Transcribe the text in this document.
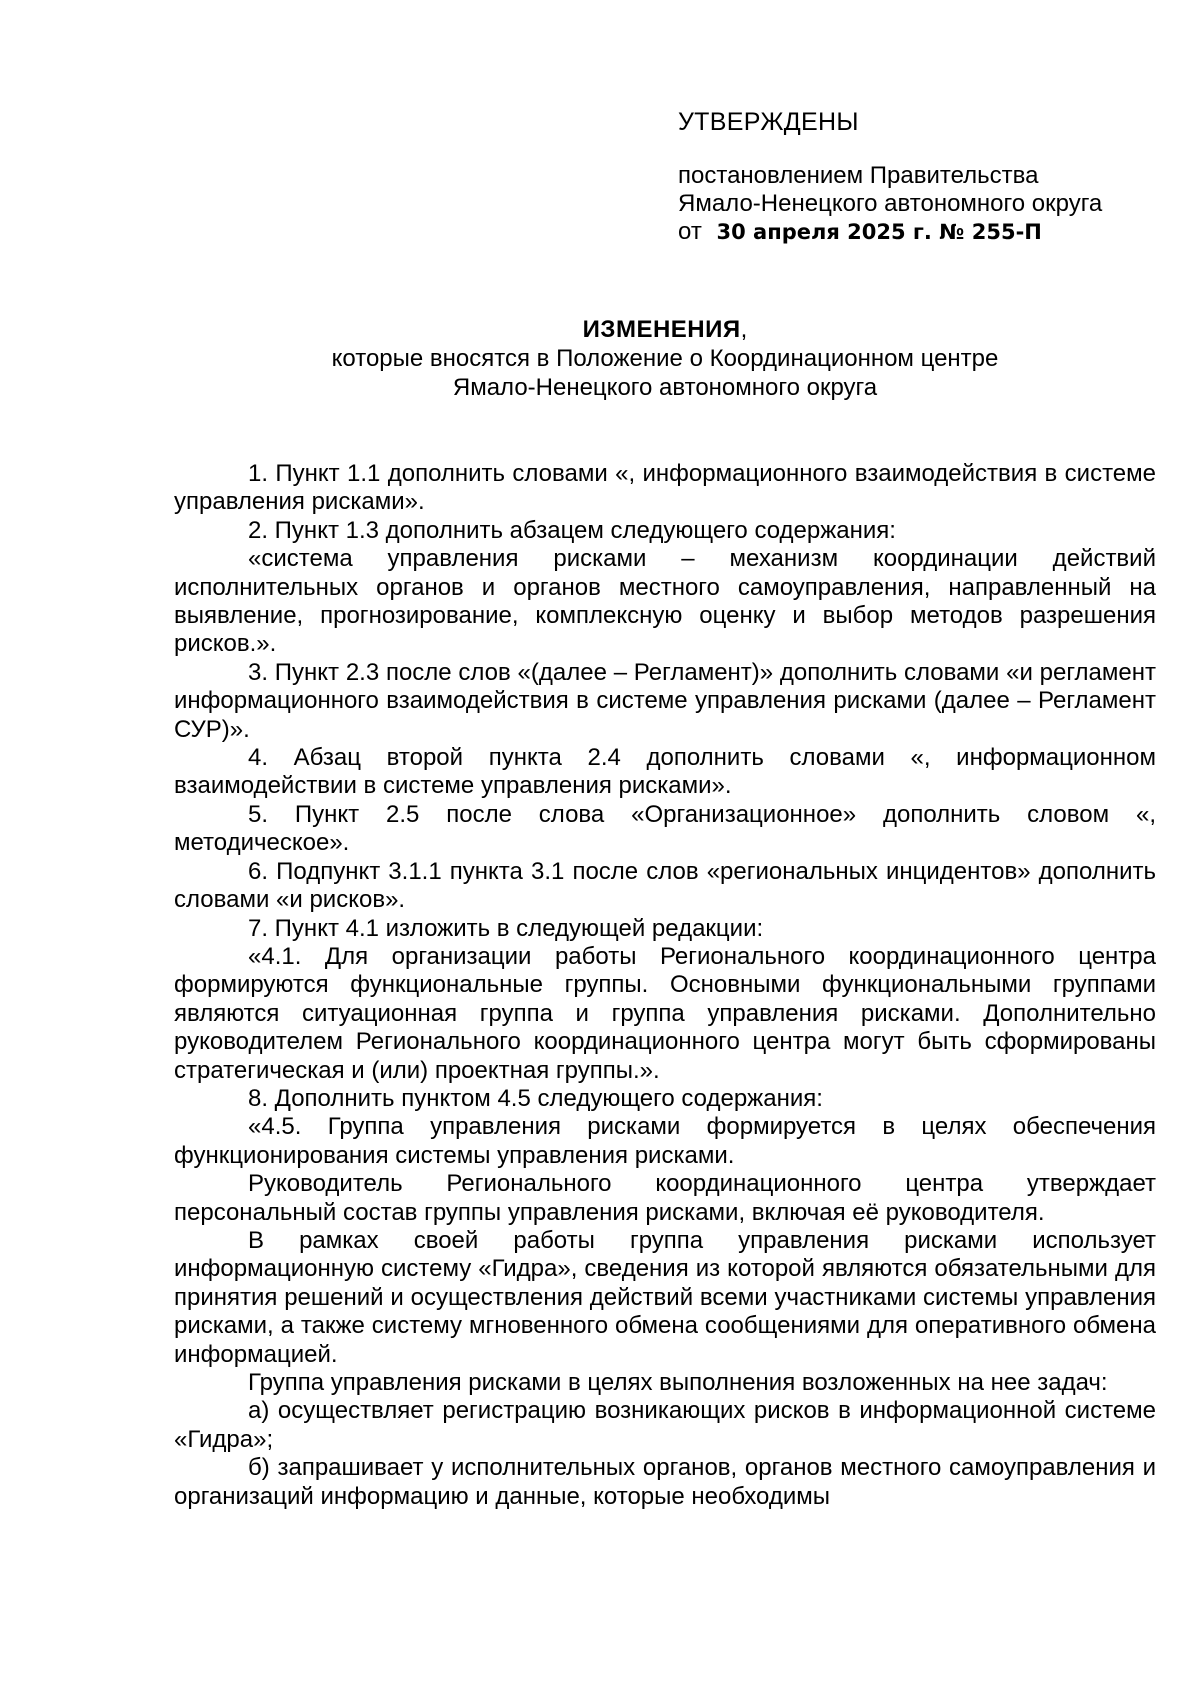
УТВЕРЖДЕНЫ
постановлением Правительства
Ямало-Ненецкого автономного округа
от 30 апреля 2025 г. № 255-П
ИЗМЕНЕНИЯ,
которые вносятся в Положение о Координационном центре
Ямало-Ненецкого автономного округа

1. Пункт 1.1 дополнить словами «, информационного взаимодействия в системе управления рисками».

2. Пункт 1.3 дополнить абзацем следующего содержания:

«система управления рисками – механизм координации действий исполнительных органов и органов местного самоуправления, направленный на выявление, прогнозирование, комплексную оценку и выбор методов разрешения рисков.».

3. Пункт 2.3 после слов «(далее – Регламент)» дополнить словами «и регламент информационного взаимодействия в системе управления рисками (далее – Регламент СУР)».

4. Абзац второй пункта 2.4 дополнить словами «, информационном взаимодействии в системе управления рисками».

5. Пункт 2.5 после слова «Организационное» дополнить словом «, методическое».

6. Подпункт 3.1.1 пункта 3.1 после слов «региональных инцидентов» дополнить словами «и рисков».

7. Пункт 4.1 изложить в следующей редакции:

«4.1. Для организации работы Регионального координационного центра формируются функциональные группы. Основными функциональными группами являются ситуационная группа и группа управления рисками. Дополнительно руководителем Регионального координационного центра могут быть сформированы стратегическая и (или) проектная группы.».

8. Дополнить пунктом 4.5 следующего содержания:

«4.5. Группа управления рисками формируется в целях обеспечения функционирования системы управления рисками.

Руководитель Регионального координационного центра утверждает персональный состав группы управления рисками, включая её руководителя.

В рамках своей работы группа управления рисками использует информационную систему «Гидра», сведения из которой являются обязательными для принятия решений и осуществления действий всеми участниками системы управления рисками, а также систему мгновенного обмена сообщениями для оперативного обмена информацией.

Группа управления рисками в целях выполнения возложенных на нее задач:

а) осуществляет регистрацию возникающих рисков в информационной системе «Гидра»;

б) запрашивает у исполнительных органов, органов местного самоуправления и организаций информацию и данные, которые необходимы
